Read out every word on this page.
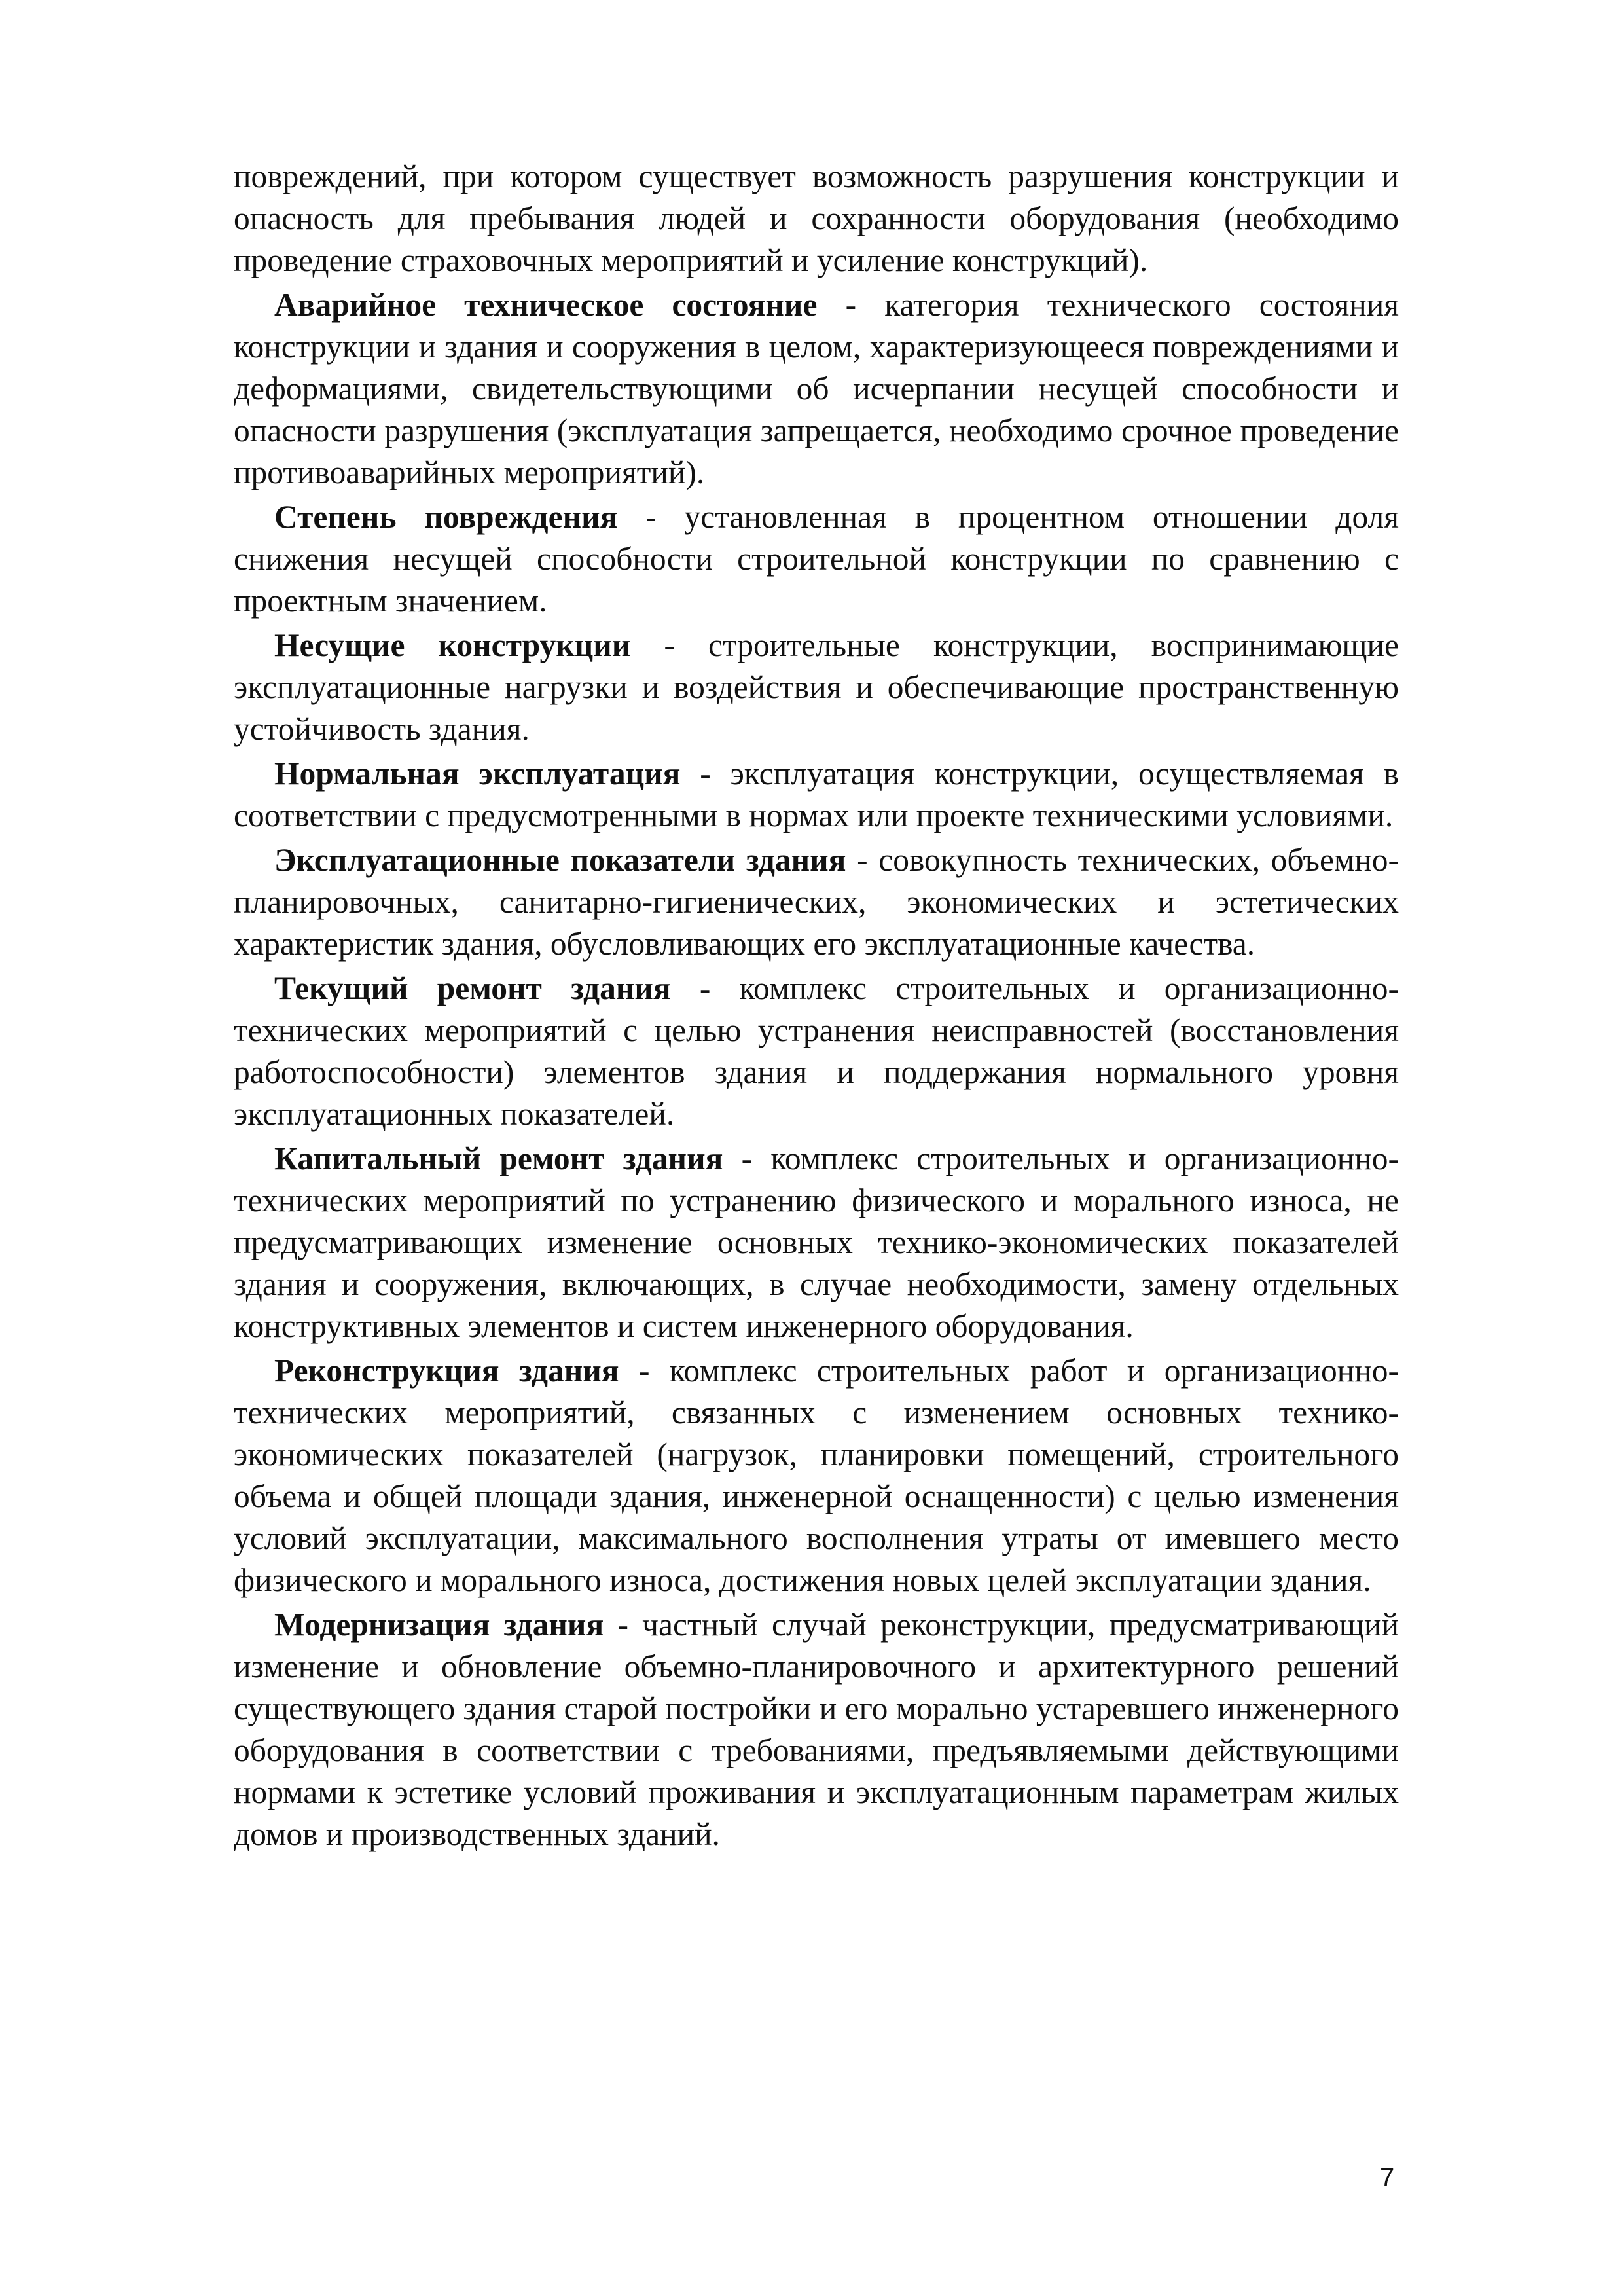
повреждений, при котором существует возможность разрушения конструкции и опасность для пребывания людей и сохранности оборудования (необходимо проведение страховочных мероприятий и усиление конструкций).

Аварийное техническое состояние - категория технического состояния конструкции и здания и сооружения в целом, характеризующееся повреждениями и деформациями, свидетельствующими об исчерпании несущей способности и опасности разрушения (эксплуатация запрещается, необходимо срочное проведение противоаварийных мероприятий).

Степень повреждения - установленная в процентном отношении доля снижения несущей способности строительной конструкции по сравнению с проектным значением.

Несущие конструкции - строительные конструкции, воспринимающие эксплуатационные нагрузки и воздействия и обеспечивающие пространственную устойчивость здания.

Нормальная эксплуатация - эксплуатация конструкции, осуществляемая в соответствии с предусмотренными в нормах или проекте техническими условиями.

Эксплуатационные показатели здания - совокупность технических, объемно-планировочных, санитарно-гигиенических, экономических и эстетических характеристик здания, обусловливающих его эксплуатационные качества.

Текущий ремонт здания - комплекс строительных и организационно-технических мероприятий с целью устранения неисправностей (восстановления работоспособности) элементов здания и поддержания нормального уровня эксплуатационных показателей.

Капитальный ремонт здания - комплекс строительных и организационно-технических мероприятий по устранению физического и морального износа, не предусматривающих изменение основных технико-экономических показателей здания и сооружения, включающих, в случае необходимости, замену отдельных конструктивных элементов и систем инженерного оборудования.

Реконструкция здания - комплекс строительных работ и организационно-технических мероприятий, связанных с изменением основных технико-экономических показателей (нагрузок, планировки помещений, строительного объема и общей площади здания, инженерной оснащенности) с целью изменения условий эксплуатации, максимального восполнения утраты от имевшего место физического и морального износа, достижения новых целей эксплуатации здания.

Модернизация здания - частный случай реконструкции, предусматривающий изменение и обновление объемно-планировочного и архитектурного решений существующего здания старой постройки и его морально устаревшего инженерного оборудования в соответствии с требованиями, предъявляемыми действующими нормами к эстетике условий проживания и эксплуатационным параметрам жилых домов и производственных зданий.

7
